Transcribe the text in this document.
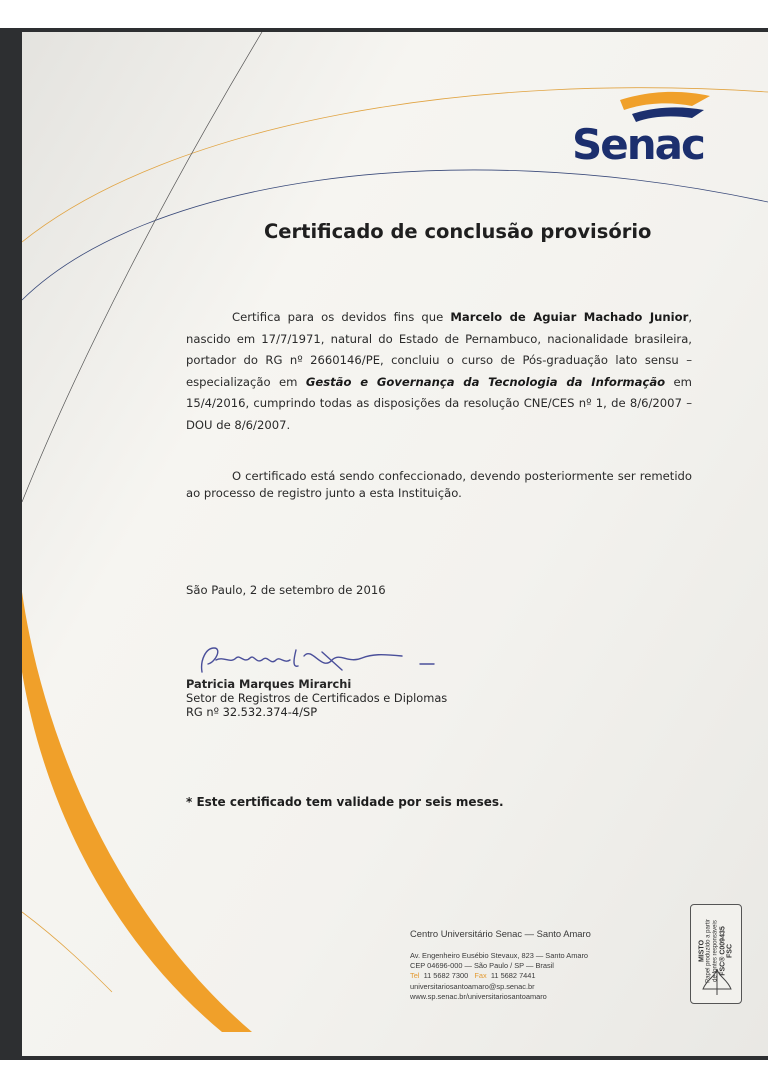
Senac
Certificado de conclusão provisório
Certifica para os devidos fins que Marcelo de Aguiar Machado Junior, nascido em 17/7/1971, natural do Estado de Pernambuco, nacionalidade brasileira, portador do RG nº 2660146/PE, concluiu o curso de Pós-graduação lato sensu – especialização em Gestão e Governança da Tecnologia da Informação em 15/4/2016, cumprindo todas as disposições da resolução CNE/CES nº 1, de 8/6/2007 – DOU de 8/6/2007.
O certificado está sendo confeccionado, devendo posteriormente ser remetido ao processo de registro junto a esta Instituição.
São Paulo, 2 de setembro de 2016
Patricia Marques Mirarchi
Setor de Registros de Certificados e Diplomas
RG nº 32.532.374-4/SP
* Este certificado tem validade por seis meses.
Centro Universitário Senac — Santo Amaro
Av. Engenheiro Eusébio Stevaux, 823 — Santo Amaro
CEP 04696-000 — São Paulo / SP — Brasil
Tel 11 5682 7300 Fax 11 5682 7441
universitariosantoamaro@sp.senac.br
www.sp.senac.br/universitariosantoamaro
MISTO Papel produzido a partir de fontes responsáveis FSC® C009435 FSC
